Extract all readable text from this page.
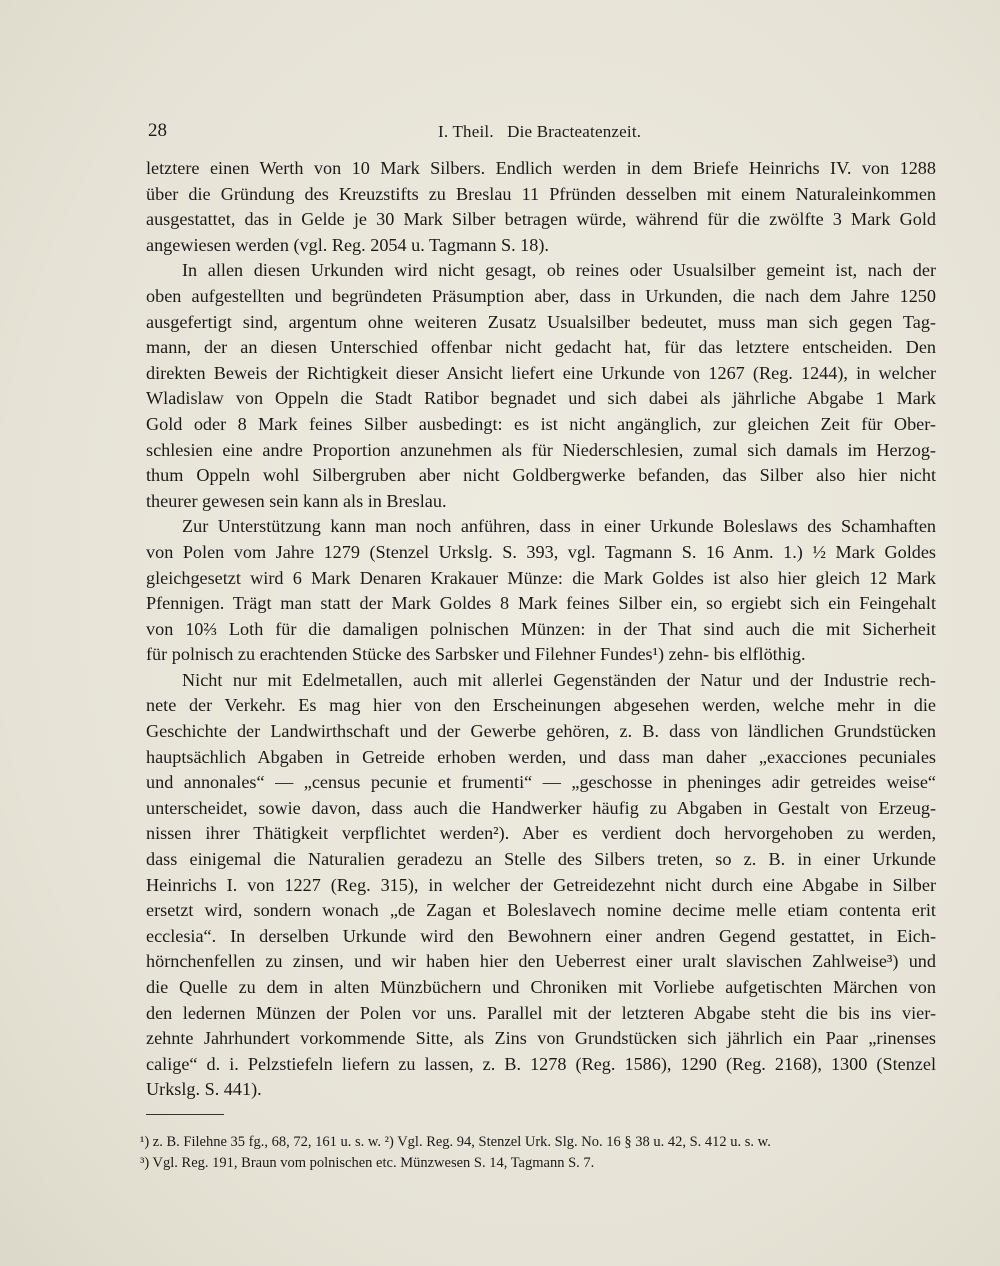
28	I. Theil.   Die Bracteatenzeit.

letztere einen Werth von 10 Mark Silbers. Endlich werden in dem Briefe Heinrichs IV. von 1288
über die Gründung des Kreuzstifts zu Breslau 11 Pfründen desselben mit einem Naturaleinkommen
ausgestattet, das in Gelde je 30 Mark Silber betragen würde, während für die zwölfte 3 Mark Gold
angewiesen werden (vgl. Reg. 2054 u. Tagmann S. 18).

In allen diesen Urkunden wird nicht gesagt, ob reines oder Usualsilber gemeint ist, nach der
oben aufgestellten und begründeten Präsumption aber, dass in Urkunden, die nach dem Jahre 1250
ausgefertigt sind, argentum ohne weiteren Zusatz Usualsilber bedeutet, muss man sich gegen Tag-
mann, der an diesen Unterschied offenbar nicht gedacht hat, für das letztere entscheiden. Den
direkten Beweis der Richtigkeit dieser Ansicht liefert eine Urkunde von 1267 (Reg. 1244), in welcher
Wladislaw von Oppeln die Stadt Ratibor begnadet und sich dabei als jährliche Abgabe 1 Mark
Gold oder 8 Mark feines Silber ausbedingt: es ist nicht angänglich, zur gleichen Zeit für Ober-
schlesien eine andre Proportion anzunehmen als für Niederschlesien, zumal sich damals im Herzog-
thum Oppeln wohl Silbergruben aber nicht Goldbergwerke befanden, das Silber also hier nicht
theurer gewesen sein kann als in Breslau.

Zur Unterstützung kann man noch anführen, dass in einer Urkunde Boleslaws des Schamhaften
von Polen vom Jahre 1279 (Stenzel Urkslg. S. 393, vgl. Tagmann S. 16 Anm. 1.) ½ Mark Goldes
gleichgesetzt wird 6 Mark Denaren Krakauer Münze: die Mark Goldes ist also hier gleich 12 Mark
Pfennigen. Trägt man statt der Mark Goldes 8 Mark feines Silber ein, so ergiebt sich ein Feingehalt
von 10⅔ Loth für die damaligen polnischen Münzen: in der That sind auch die mit Sicherheit
für polnisch zu erachtenden Stücke des Sarbsker und Filehner Fundes¹) zehn- bis elflöthig.

Nicht nur mit Edelmetallen, auch mit allerlei Gegenständen der Natur und der Industrie rech-
nete der Verkehr. Es mag hier von den Erscheinungen abgesehen werden, welche mehr in die
Geschichte der Landwirthschaft und der Gewerbe gehören, z. B. dass von ländlichen Grundstücken
hauptsächlich Abgaben in Getreide erhoben werden, und dass man daher „exacciones pecuniales
und annonales“ — „census pecunie et frumenti“ — „geschosse in pheninges adir getreides weise“
unterscheidet, sowie davon, dass auch die Handwerker häufig zu Abgaben in Gestalt von Erzeug-
nissen ihrer Thätigkeit verpflichtet werden²). Aber es verdient doch hervorgehoben zu werden,
dass einigemal die Naturalien geradezu an Stelle des Silbers treten, so z. B. in einer Urkunde
Heinrichs I. von 1227 (Reg. 315), in welcher der Getreidezehnt nicht durch eine Abgabe in Silber
ersetzt wird, sondern wonach „de Zagan et Boleslavech nomine decime melle etiam contenta erit
ecclesia“. In derselben Urkunde wird den Bewohnern einer andren Gegend gestattet, in Eich-
hörnchenfellen zu zinsen, und wir haben hier den Ueberrest einer uralt slavischen Zahlweise³) und
die Quelle zu dem in alten Münzbüchern und Chroniken mit Vorliebe aufgetischten Märchen von
den ledernen Münzen der Polen vor uns. Parallel mit der letzteren Abgabe steht die bis ins vier-
zehnte Jahrhundert vorkommende Sitte, als Zins von Grundstücken sich jährlich ein Paar „rinenses
calige“ d. i. Pelzstiefeln liefern zu lassen, z. B. 1278 (Reg. 1586), 1290 (Reg. 2168), 1300 (Stenzel
Urkslg. S. 441).

¹) z. B. Filehne 35 fg., 68, 72, 161 u. s. w. ²) Vgl. Reg. 94, Stenzel Urk. Slg. No. 16 § 38 u. 42, S. 412 u. s. w.
³) Vgl. Reg. 191, Braun vom polnischen etc. Münzwesen S. 14, Tagmann S. 7.
